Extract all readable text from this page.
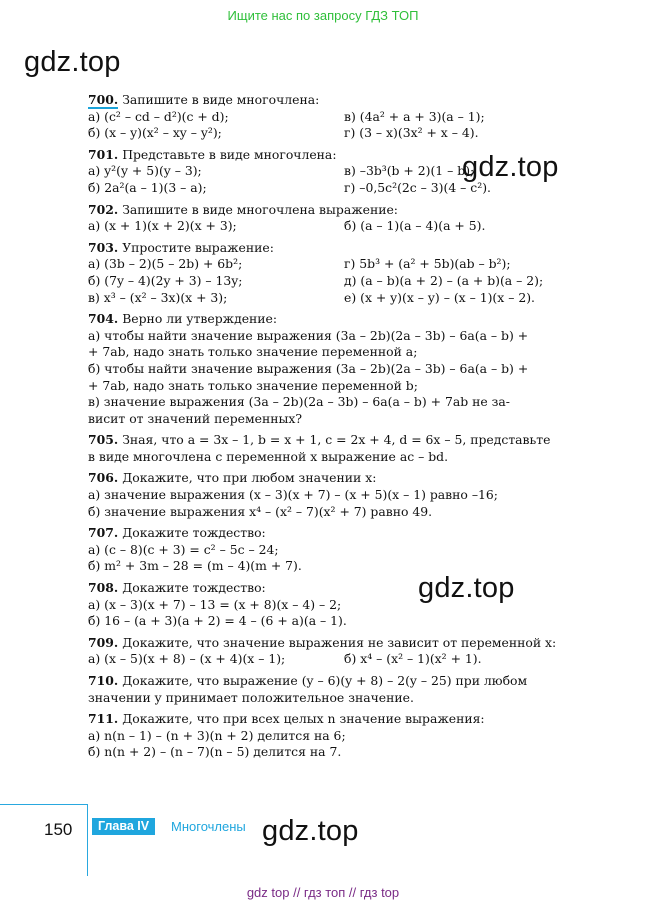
Ищите нас по запросу ГДЗ ТОП
gdz.top
gdz.top
gdz.top
gdz.top
700. Запишите в виде многочлена:
а) (c² – cd – d²)(c + d);
б) (x – y)(x² – xy – y²);
в) (4a² + a + 3)(a – 1);
г) (3 – x)(3x² + x – 4).
701. Представьте в виде многочлена:
а) y²(y + 5)(y – 3);
б) 2a²(a – 1)(3 – a);
в) –3b³(b + 2)(1 – b);
г) –0,5c²(2c – 3)(4 – c²).
702. Запишите в виде многочлена выражение:
а) (x + 1)(x + 2)(x + 3);	б) (a – 1)(a – 4)(a + 5).
703. Упростите выражение:
а) (3b – 2)(5 – 2b) + 6b²;
б) (7y – 4)(2y + 3) – 13y;
в) x³ – (x² – 3x)(x + 3);
г) 5b³ + (a² + 5b)(ab – b²);
д) (a – b)(a + 2) – (a + b)(a – 2);
е) (x + y)(x – y) – (x – 1)(x – 2).
704. Верно ли утверждение:
а) чтобы найти значение выражения (3a – 2b)(2a – 3b) – 6a(a – b) +
+ 7ab, надо знать только значение переменной a;
б) чтобы найти значение выражения (3a – 2b)(2a – 3b) – 6a(a – b) +
+ 7ab, надо знать только значение переменной b;
в) значение выражения (3a – 2b)(2a – 3b) – 6a(a – b) + 7ab не за-
висит от значений переменных?
705. Зная, что a = 3x – 1, b = x + 1, c = 2x + 4, d = 6x – 5, представьте
в виде многочлена с переменной x выражение ac – bd.
706. Докажите, что при любом значении x:
а) значение выражения (x – 3)(x + 7) – (x + 5)(x – 1) равно –16;
б) значение выражения x⁴ – (x² – 7)(x² + 7) равно 49.
707. Докажите тождество:
а) (c – 8)(c + 3) = c² – 5c – 24;
б) m² + 3m – 28 = (m – 4)(m + 7).
708. Докажите тождество:
а) (x – 3)(x + 7) – 13 = (x + 8)(x – 4) – 2;
б) 16 – (a + 3)(a + 2) = 4 – (6 + a)(a – 1).
709. Докажите, что значение выражения не зависит от переменной x:
а) (x – 5)(x + 8) – (x + 4)(x – 1);	б) x⁴ – (x² – 1)(x² + 1).
710. Докажите, что выражение (y – 6)(y + 8) – 2(y – 25) при любом
значении y принимает положительное значение.
711. Докажите, что при всех целых n значение выражения:
а) n(n – 1) – (n + 3)(n + 2) делится на 6;
б) n(n + 2) – (n – 7)(n – 5) делится на 7.
150	Глава IV	Многочлены
gdz top // гдз топ // гдз top
